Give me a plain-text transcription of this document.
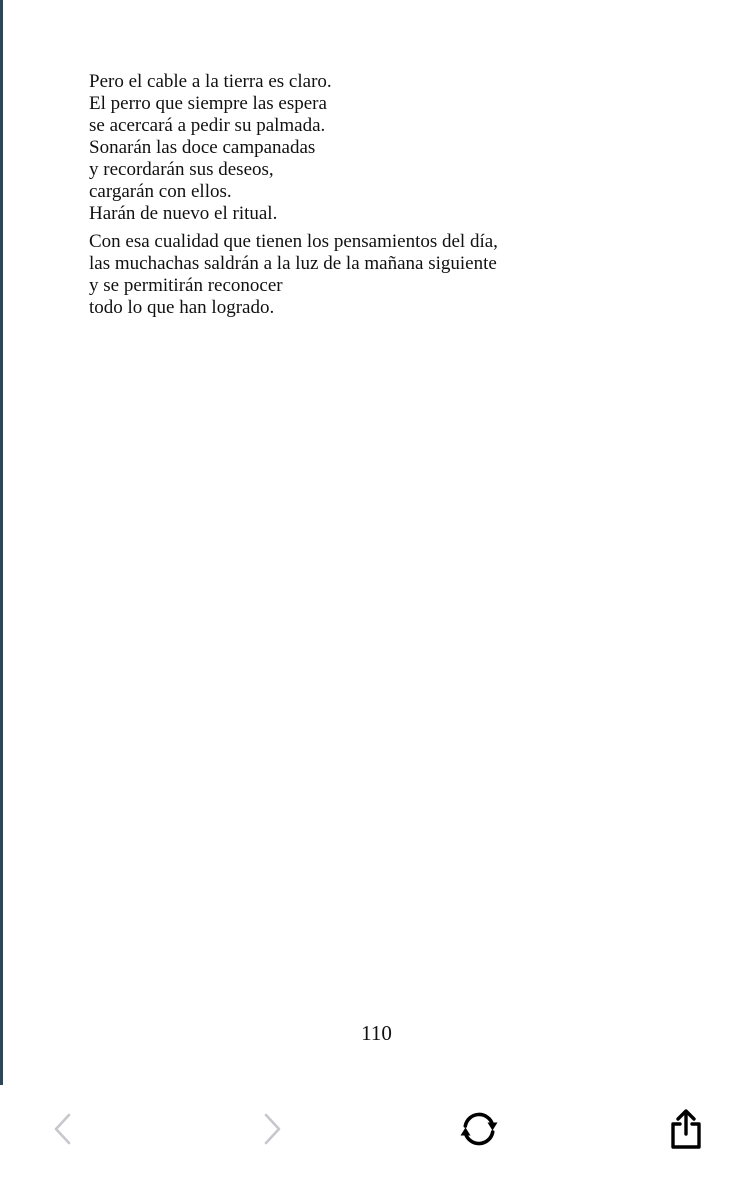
Pero el cable a la tierra es claro.
El perro que siempre las espera
se acercará a pedir su palmada.
Sonarán las doce campanadas
y recordarán sus deseos,
cargarán con ellos.
Harán de nuevo el ritual.

Con esa cualidad que tienen los pensamientos del día,
las muchachas saldrán a la luz de la mañana siguiente
y se permitirán reconocer
todo lo que han logrado.

110
